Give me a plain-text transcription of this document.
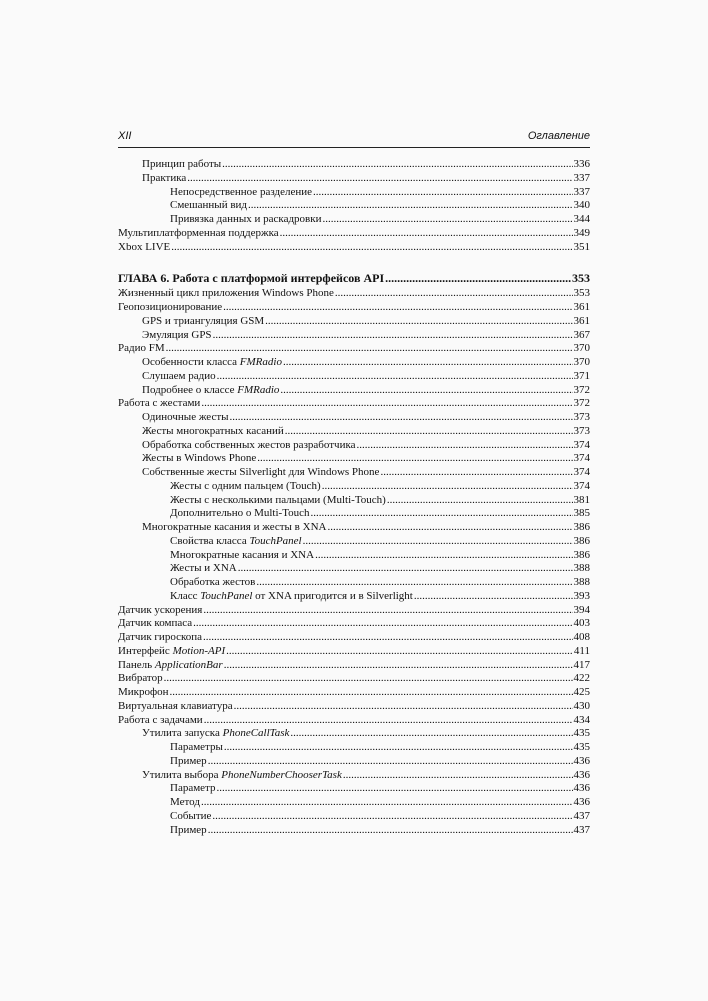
XII	Оглавление
Принцип работы .....	336
Практика .....	337
Непосредственное разделение .....	337
Смешанный вид .....	340
Привязка данных и раскадровки .....	344
Мультиплатформенная поддержка .....	349
Xbox LIVE .....	351
ГЛАВА 6. Работа с платформой интерфейсов API .....	353
Жизненный цикл приложения Windows Phone .....	353
Геопозиционирование .....	361
GPS и триангуляция GSM .....	361
Эмуляция GPS .....	367
Радио FM .....	370
Особенности класса FMRadio .....	370
Слушаем радио .....	371
Подробнее о классе FMRadio .....	372
Работа с жестами .....	372
Одиночные жесты .....	373
Жесты многократных касаний .....	373
Обработка собственных жестов разработчика .....	374
Жесты в Windows Phone .....	374
Собственные жесты Silverlight для Windows Phone .....	374
Жесты с одним пальцем (Touch) .....	374
Жесты с несколькими пальцами (Multi-Touch) .....	381
Дополнительно о Multi-Touch .....	385
Многократные касания и жесты в XNA .....	386
Свойства класса TouchPanel .....	386
Многократные касания и XNA .....	386
Жесты и XNA .....	388
Обработка жестов .....	388
Класс TouchPanel от XNA пригодится и в Silverlight .....	393
Датчик ускорения .....	394
Датчик компаса .....	403
Датчик гироскопа .....	408
Интерфейс Motion-API .....	411
Панель ApplicationBar .....	417
Вибратор .....	422
Микрофон .....	425
Виртуальная клавиатура .....	430
Работа с задачами .....	434
Утилита запуска PhoneCallTask .....	435
Параметры .....	435
Пример .....	436
Утилита выбора PhoneNumberChooserTask .....	436
Параметр .....	436
Метод .....	436
Событие .....	437
Пример .....	437
